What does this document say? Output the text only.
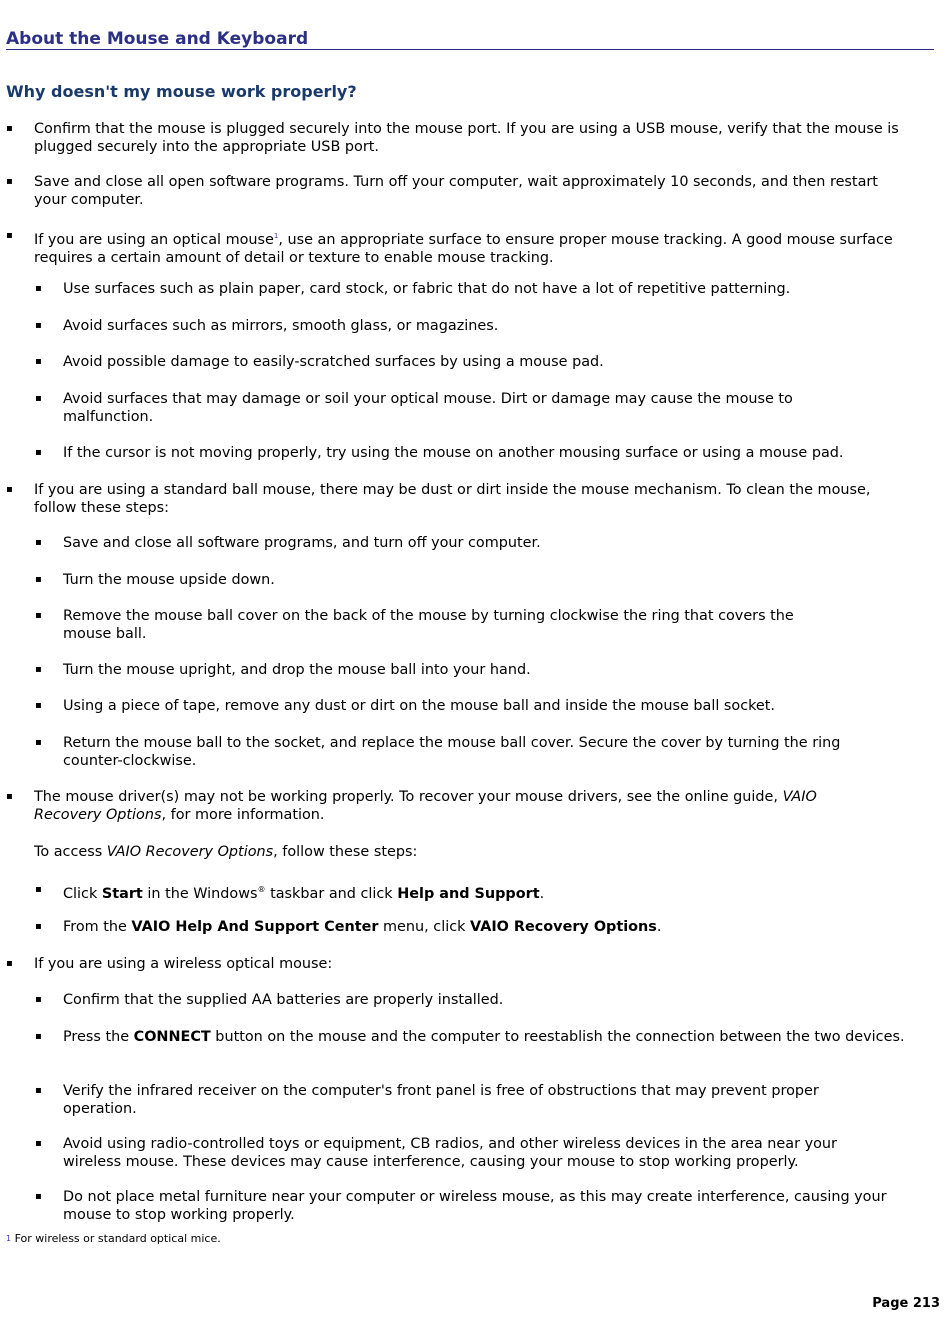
About the Mouse and Keyboard
Why doesn't my mouse work properly?
▪ Confirm that the mouse is plugged securely into the mouse port. If you are using a USB mouse, verify that the mouse is plugged securely into the appropriate USB port.
▪ Save and close all open software programs. Turn off your computer, wait approximately 10 seconds, and then restart your computer.
▪ If you are using an optical mouse$^1$, use an appropriate surface to ensure proper mouse tracking. A good mouse surface requires a certain amount of detail or texture to enable mouse tracking.
▪ Use surfaces such as plain paper, card stock, or fabric that do not have a lot of repetitive patterning.
▪ Avoid surfaces such as mirrors, smooth glass, or magazines.
▪ Avoid possible damage to easily-scratched surfaces by using a mouse pad.
▪ Avoid surfaces that may damage or soil your optical mouse. Dirt or damage may cause the mouse to malfunction.
▪ If the cursor is not moving properly, try using the mouse on another mousing surface or using a mouse pad.
▪ If you are using a standard ball mouse, there may be dust or dirt inside the mouse mechanism. To clean the mouse, follow these steps:
▪ Save and close all software programs, and turn off your computer.
▪ Turn the mouse upside down.
▪ Remove the mouse ball cover on the back of the mouse by turning clockwise the ring that covers the mouse ball.
▪ Turn the mouse upright, and drop the mouse ball into your hand.
▪ Using a piece of tape, remove any dust or dirt on the mouse ball and inside the mouse ball socket.
▪ Return the mouse ball to the socket, and replace the mouse ball cover. Secure the cover by turning the ring counter-clockwise.
▪ The mouse driver(s) may not be working properly. To recover your mouse drivers, see the online guide, VAIO Recovery Options, for more information.
To access VAIO Recovery Options, follow these steps:
▪ Click Start in the Windows® taskbar and click Help and Support.
▪ From the VAIO Help And Support Center menu, click VAIO Recovery Options.
▪ If you are using a wireless optical mouse:
▪ Confirm that the supplied AA batteries are properly installed.
▪ Press the CONNECT button on the mouse and the computer to reestablish the connection between the two devices.
▪ Verify the infrared receiver on the computer's front panel is free of obstructions that may prevent proper operation.
▪ Avoid using radio-controlled toys or equipment, CB radios, and other wireless devices in the area near your wireless mouse. These devices may cause interference, causing your mouse to stop working properly.
▪ Do not place metal furniture near your computer or wireless mouse, as this may create interference, causing your mouse to stop working properly.
$^1$ For wireless or standard optical mice.
Page 213
